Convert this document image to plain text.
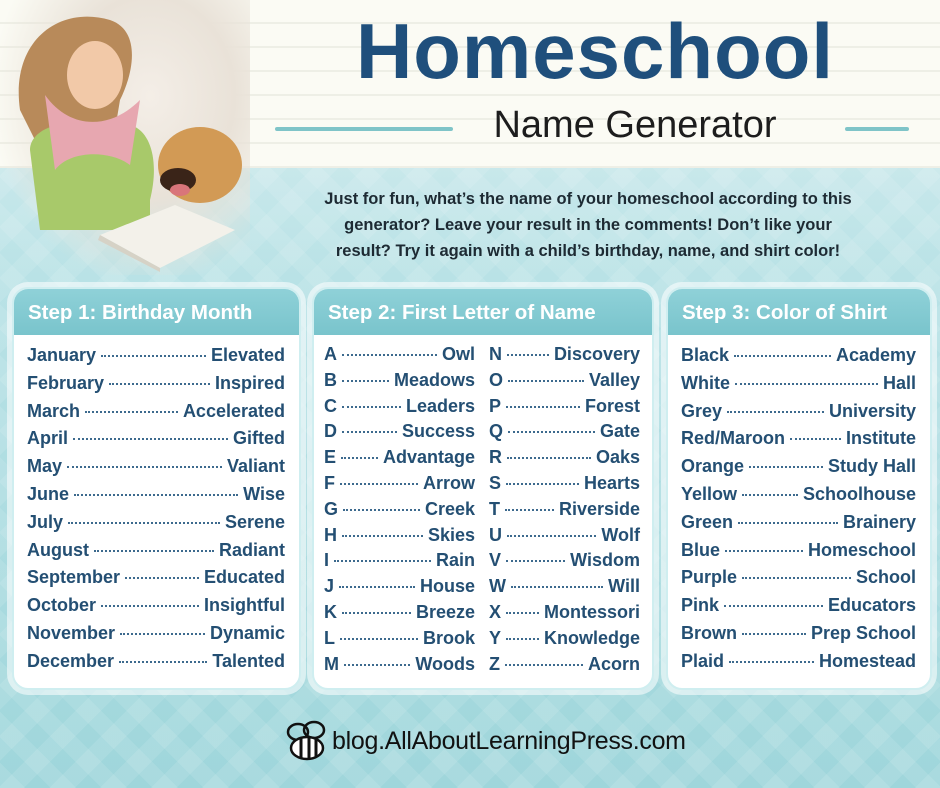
Homeschool
Name Generator
Just for fun, what’s the name of your homeschool according to this
generator? Leave your result in the comments! Don’t like your
result? Try it again with a child’s birthday, name, and shirt color!
Step 1: Birthday Month
January	Elevated
February	Inspired
March	Accelerated
April	Gifted
May	Valiant
June	Wise
July	Serene
August	Radiant
September	Educated
October	Insightful
November	Dynamic
December	Talented
Step 2: First Letter of Name
A	Owl
B	Meadows
C	Leaders
D	Success
E	Advantage
F	Arrow
G	Creek
H	Skies
I	Rain
J	House
K	Breeze
L	Brook
M	Woods
N	Discovery
O	Valley
P	Forest
Q	Gate
R	Oaks
S	Hearts
T	Riverside
U	Wolf
V	Wisdom
W	Will
X Montessori
Y Knowledge
Z	Acorn
Step 3: Color of Shirt
Black	Academy
White	Hall
Grey	University
Red/Maroon	Institute
Orange	Study Hall
Yellow	Schoolhouse
Green	Brainery
Blue	Homeschool
Purple	School
Pink	Educators
Brown	Prep School
Plaid	Homestead
blog.AllAboutLearningPress.com
